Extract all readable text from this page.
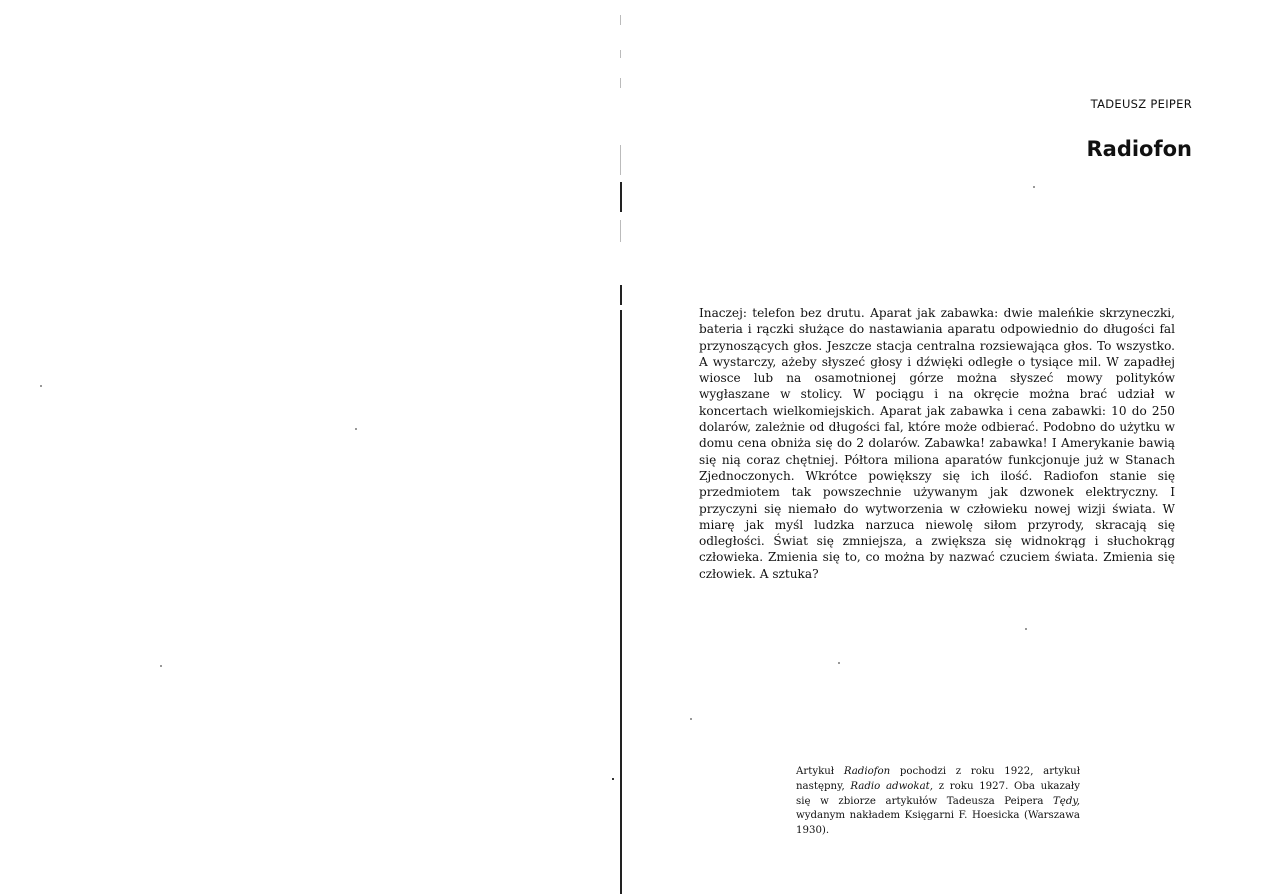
TADEUSZ PEIPER
Radiofon

Inaczej: telefon bez drutu. Aparat jak zabawka: dwie maleńkie skrzyneczki, bateria i rączki służące do nastawiania aparatu odpowiednio do długości fal przynoszących głos. Jeszcze stacja centralna rozsiewająca głos. To wszystko. A wystarczy, ażeby słyszeć głosy i dźwięki odległe o tysiące mil. W zapadłej wiosce lub na osamotnionej górze można słyszeć mowy polityków wygłaszane w stolicy. W pociągu i na okręcie można brać udział w koncertach wielkomiejskich. Aparat jak zabawka i cena zabawki: 10 do 250 dolarów, zależnie od długości fal, które może odbierać. Podobno do użytku w domu cena obniża się do 2 dolarów. Zabawka! zabawka! I Amerykanie bawią się nią coraz chętniej. Półtora miliona aparatów funkcjonuje już w Stanach Zjednoczonych. Wkrótce powiększy się ich ilość. Radiofon stanie się przedmiotem tak powszechnie używanym jak dzwonek elektryczny. I przyczyni się niemało do wytworzenia w człowieku nowej wizji świata. W miarę jak myśl ludzka narzuca niewolę siłom przyrody, skracają się odległości. Świat się zmniejsza, a zwiększa się widnokrąg i słuchokrąg człowieka. Zmienia się to, co można by nazwać czuciem świata. Zmienia się człowiek. A sztuka?

Artykuł Radiofon pochodzi z roku 1922, artykuł następny, Radio adwokat, z roku 1927. Oba ukazały się w zbiorze artykułów Tadeusza Peipera Tędy, wydanym nakładem Księgarni F. Hoesicka (Warszawa 1930).
